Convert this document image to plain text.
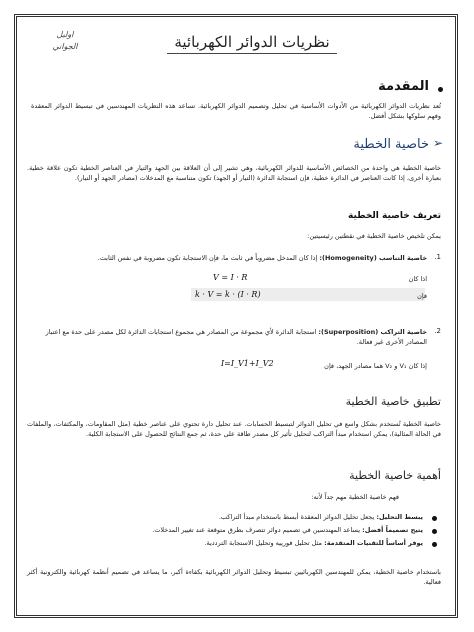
اوليل
الجواني	نظريات الدوائر الكهربائية
المقدمة
تُعد نظريات الدوائر الكهربائية من الأدوات الأساسية في تحليل وتصميم الدوائر الكهربائية. تساعد هذه النظريات المهندسين في تبسيط الدوائر المعقدة وفهم سلوكها بشكل أفضل.
➢
خاصية الخطية
خاصية الخطية هي واحدة من الخصائص الأساسية للدوائر الكهربائية، وهي تشير إلى أن العلاقة بين الجهد والتيار في العناصر الخطية تكون علاقة خطية. بعبارة أخرى، إذا كانت العناصر في الدائرة خطية، فإن استجابة الدائرة (التيار أو الجهد) تكون متناسبة مع المدخلات (مصادر الجهد أو التيار).
تعريف خاصية الخطية
يمكن تلخيص خاصية الخطية في نقطتين رئيسيتين:
1.
خاصية التناسب (Homogeneity): إذا كان المدخل مضروباً في ثابت ما، فإن الاستجابة تكون مضروبة في نفس الثابت.
اذا كان
V = I · R
فإن
k · V = k · (I · R)
2.
خاصية التراكب (Superposition): استجابة الدائرة لأي مجموعة من المصادر هي مجموع استجابات الدائرة لكل مصدر على حدة مع اعتبار المصادر الأخرى غير فعالة.
إذا كان V₁ و V₂ هما مصادر الجهد، فإن
I=I_V1+I_V2
تطبيق خاصية الخطية
خاصية الخطية تُستخدم بشكل واسع في تحليل الدوائر لتبسيط الحسابات. عند تحليل دارة تحتوي على عناصر خطية (مثل المقاومات، والمكثفات، والملفات في الحالة المثالية)، يمكن استخدام مبدأ التراكب لتحليل تأثير كل مصدر طاقة على حدة، ثم جمع النتائج للحصول على الاستجابة الكلية.
أهمية خاصية الخطية
فهم خاصية الخطية مهم جداً لأنه:
يبسط التحليل: يجعل تحليل الدوائر المعقدة أبسط باستخدام مبدأ التراكب.
يتيح تصميماً أفضل: يساعد المهندسين في تصميم دوائر تتصرف بطرق متوقعة عند تغيير المدخلات.
يوفر أساساً للتقنيات المتقدمة: مثل تحليل فورييه وتحليل الاستجابة الترددية.
باستخدام خاصية الخطية، يمكن للمهندسين الكهربائيين تبسيط وتحليل الدوائر الكهربائية بكفاءة أكبر، ما يساعد في تصميم أنظمة كهربائية والكترونية أكثر فعالية.
